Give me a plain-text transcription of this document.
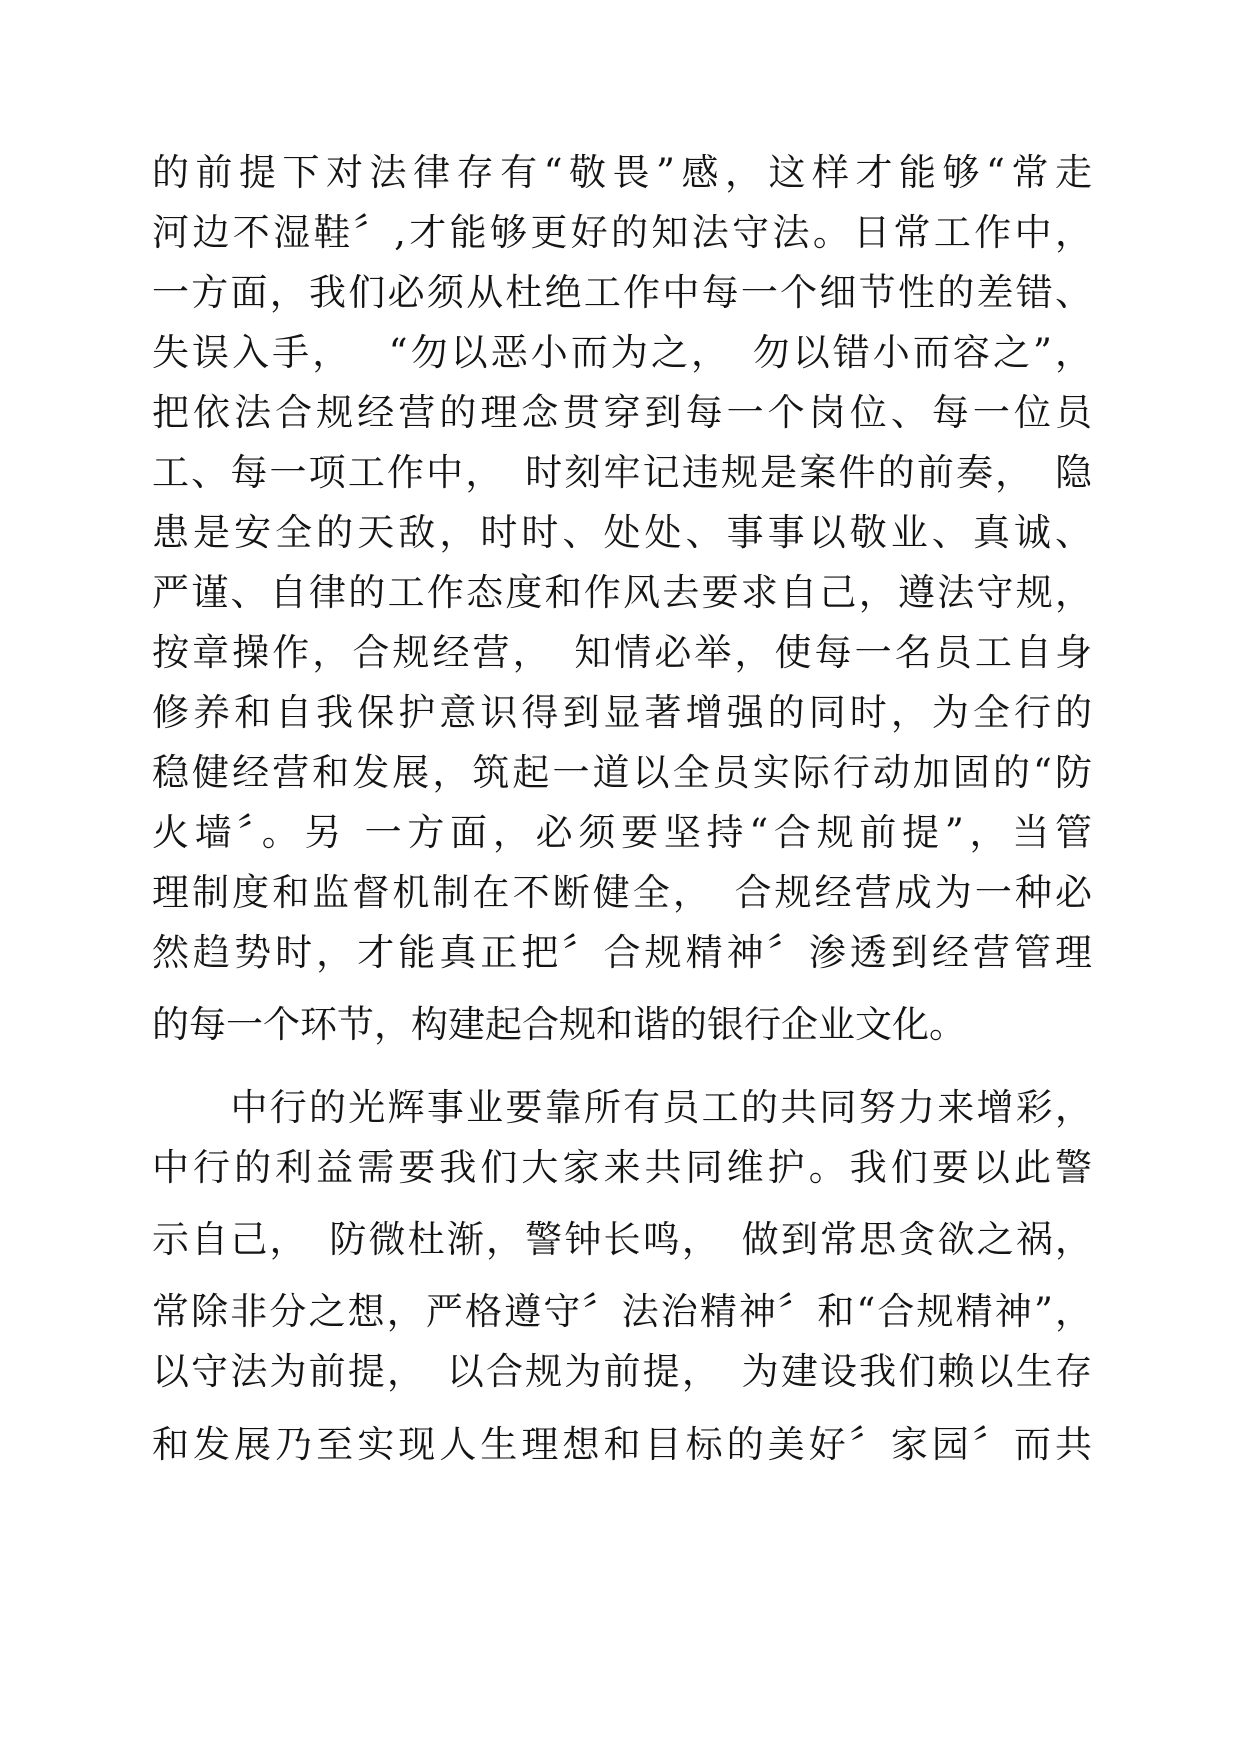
的前提下对法律存有“敬畏”感，这样才能够“常走
河边不湿鞋〞,才能够更好的知法守法。日常工作中，
一方面，我们必须从杜绝工作中每一个细节性的差错、
失误入手，　 “勿以恶小而为之，　勿以错小而容之”，
把依法合规经营的理念贯穿到每一个岗位、每一位员
工、每一项工作中，　时刻牢记违规是案件的前奏，　隐
患是安全的天敌，时时、处处、事事以敬业、真诚、
严谨、自律的工作态度和作风去要求自己，遵法守规，
按章操作，合规经营，　知情必举，使每一名员工自身
修养和自我保护意识得到显著增强的同时，为全行的
稳健经营和发展，筑起一道以全员实际行动加固的“防
火墙〞。另 一方面，必须要坚持“合规前提”，当管
理制度和监督机制在不断健全，　合规经营成为一种必
然趋势时，才能真正把〞合规精神〞渗透到经营管理
的每一个环节，构建起合规和谐的银行企业文化。
　　中行的光辉事业要靠所有员工的共同努力来增彩，
中行的利益需要我们大家来共同维护。我们要以此警
示自己，　防微杜渐，警钟长鸣，　做到常思贪欲之祸，
常除非分之想，严格遵守〞法治精神〞和“合规精神”，
以守法为前提，　以合规为前提，　为建设我们赖以生存
和发展乃至实现人生理想和目标的美好〞家园〞而共
